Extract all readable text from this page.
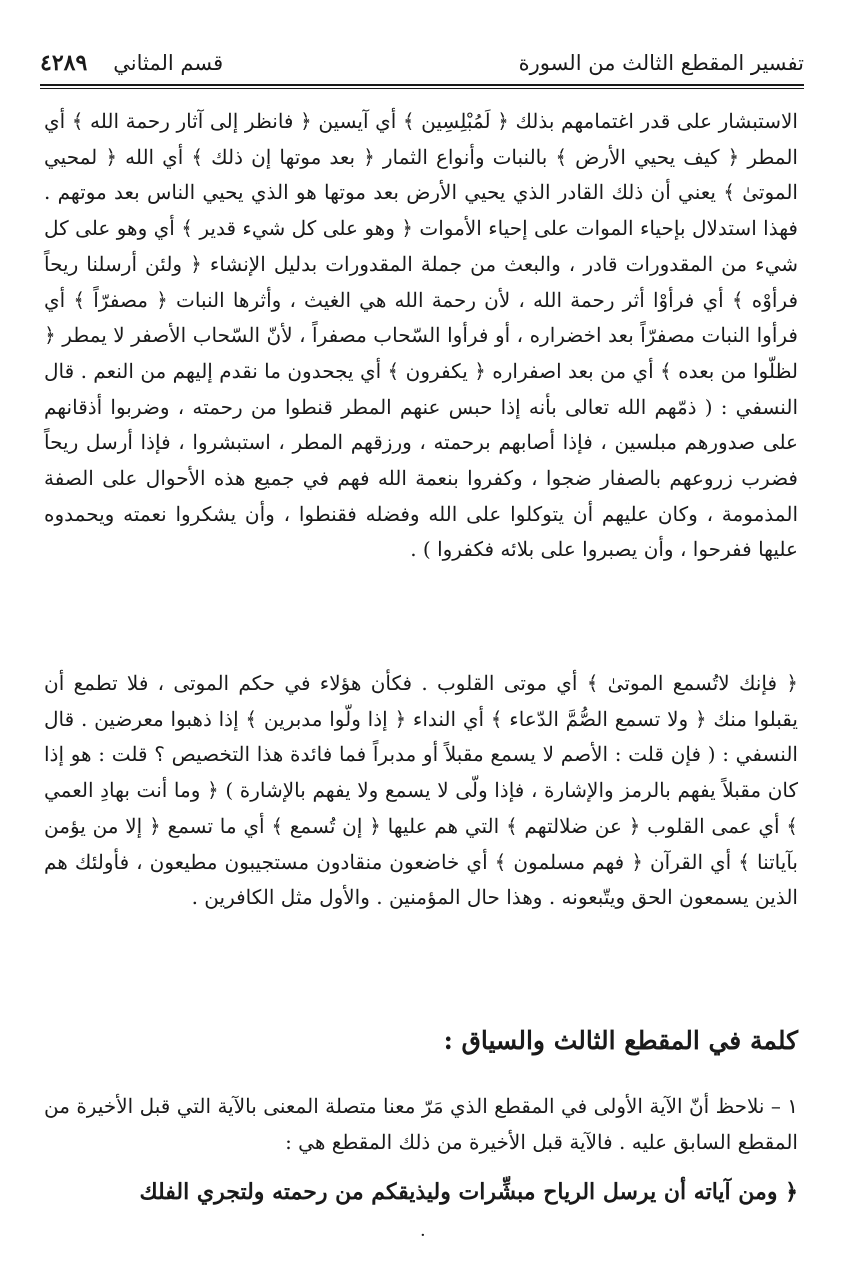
تفسير المقطع الثالث من السورة
قسم المثاني
٤٢٨٩
الاستبشار على قدر اغتمامهم بذلك ﴿ لَمُبْلِسِين ﴾ أي آيسين ﴿ فانظر إلى آثار رحمة الله ﴾ أي المطر ﴿ كيف يحيي الأرض ﴾ بالنبات وأنواع الثمار ﴿ بعد موتها إن ذلك ﴾ أي الله ﴿ لمحيي الموتىٰ ﴾ يعني أن ذلك القادر الذي يحيي الأرض بعد موتها هو الذي يحيي الناس بعد موتهم . فهذا استدلال بإحياء الموات على إحياء الأموات ﴿ وهو على كل شيء قدير ﴾ أي وهو على كل شيء من المقدورات قادر ، والبعث من جملة المقدورات بدليل الإنشاء ﴿ ولئن أرسلنا ريحاً فرأوْه ﴾ أي فرأوْا أثر رحمة الله ، لأن رحمة الله هي الغيث ، وأثرها النبات ﴿ مصفرّاً ﴾ أي فرأوا النبات مصفرّاً بعد اخضراره ، أو فرأوا السّحاب مصفراً ، لأنّ السّحاب الأصفر لا يمطر ﴿ لظلّوا من بعده ﴾ أي من بعد اصفراره ﴿ يكفرون ﴾ أي يجحدون ما نقدم إليهم من النعم . قال النسفي : ( ذمّهم الله تعالى بأنه إذا حبس عنهم المطر قنطوا من رحمته ، وضربوا أذقانهم على صدورهم مبلسين ، فإذا أصابهم برحمته ، ورزقهم المطر ، استبشروا ، فإذا أرسل ريحاً فضرب زروعهم بالصفار ضجوا ، وكفروا بنعمة الله فهم في جميع هذه الأحوال على الصفة المذمومة ، وكان عليهم أن يتوكلوا على الله وفضله فقنطوا ، وأن يشكروا نعمته ويحمدوه عليها ففرحوا ، وأن يصبروا على بلائه فكفروا ) .
﴿ فإنك لاتُسمع الموتىٰ ﴾ أي موتى القلوب . فكأن هؤلاء في حكم الموتى ، فلا تطمع أن يقبلوا منك ﴿ ولا تسمع الصُّمَّ الدّعاء ﴾ أي النداء ﴿ إذا ولّوا مدبرين ﴾ إذا ذهبوا معرضين . قال النسفي : ( فإن قلت : الأصم لا يسمع مقبلاً أو مدبراً فما فائدة هذا التخصيص ؟ قلت : هو إذا كان مقبلاً يفهم بالرمز والإشارة ، فإذا ولّى لا يسمع ولا يفهم بالإشارة ) ﴿ وما أنت بهادِ العمي ﴾ أي عمى القلوب ﴿ عن ضلالتهم ﴾ التي هم عليها ﴿ إن تُسمع ﴾ أي ما تسمع ﴿ إلا من يؤمن بآياتنا ﴾ أي القرآن ﴿ فهم مسلمون ﴾ أي خاضعون منقادون مستجيبون مطيعون ، فأولئك هم الذين يسمعون الحق ويتّبعونه . وهذا حال المؤمنين . والأول مثل الكافرين .
كلمة في المقطع الثالث والسياق :
١ – نلاحظ أنّ الآية الأولى في المقطع الذي مَرّ معنا متصلة المعنى بالآية التي قبل الأخيرة من المقطع السابق عليه . فالآية قبل الأخيرة من ذلك المقطع هي :
﴿ ومن آياته أن يرسل الرياح مبشِّرات وليذيقكم من رحمته ولتجري الفلك
·
